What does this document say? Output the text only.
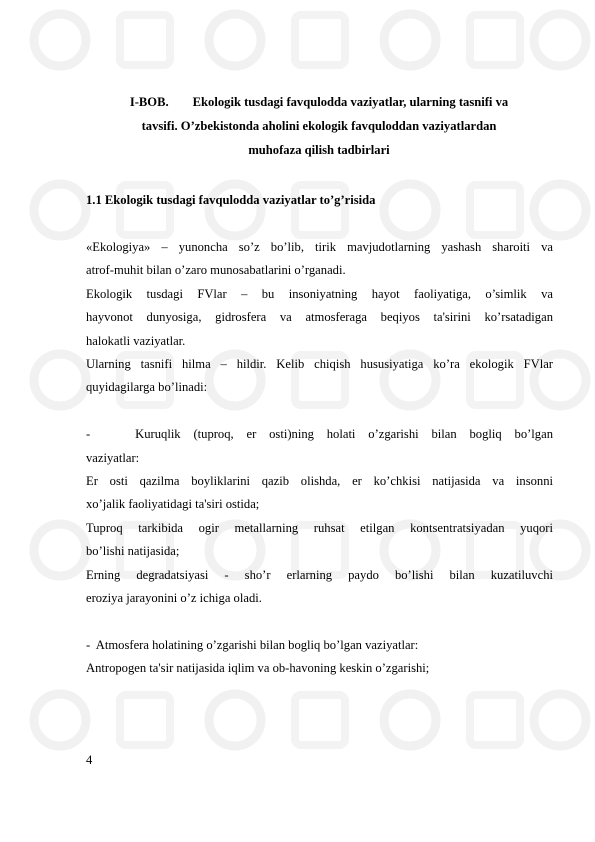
I-BOB. Ekologik tusdagi favqulodda vaziyatlar, ularning tasnifi va
tavsifi. O’zbekistonda aholini ekologik favquloddan vaziyatlardan
muhofaza qilish tadbirlari
1.1 Ekologik tusdagi favqulodda vaziyatlar to’g’risida

«Ekologiya» – yunoncha so’z bo’lib, tirik mavjudotlarning yashash sharoiti va
atrof-muhit bilan o’zaro munosabatlarini o’rganadi.

Ekologik tusdagi FVlar – bu insoniyatning hayot faoliyatiga, o’simlik va
hayvonot dunyosiga, gidrosfera va atmosferaga beqiyos ta'sirini ko’rsatadigan
halokatli vaziyatlar.

Ularning tasnifi hilma – hildir. Kelib chiqish hususiyatiga ko’ra ekologik FVlar
quyidagilarga bo’linadi:

-       Kuruqlik  (tuproq,  er  osti)ning  holati  o’zgarishi  bilan  bogliq  bo’lgan
vaziyatlar:

Er osti qazilma boyliklarini qazib olishda, er ko’chkisi natijasida va insonni
xo’jalik faoliyatidagi ta'siri ostida;

Tuproq tarkibida ogir metallarning ruhsat etilgan kontsentratsiyadan yuqori
bo’lishi natijasida;

Erning degradatsiyasi - sho’r erlarning paydo bo’lishi bilan kuzatiluvchi
eroziya jarayonini o’z ichiga oladi.

-  Atmosfera holatining o’zgarishi bilan bogliq bo’lgan vaziyatlar:

Antropogen ta'sir natijasida iqlim va ob-havoning keskin o’zgarishi;

4
